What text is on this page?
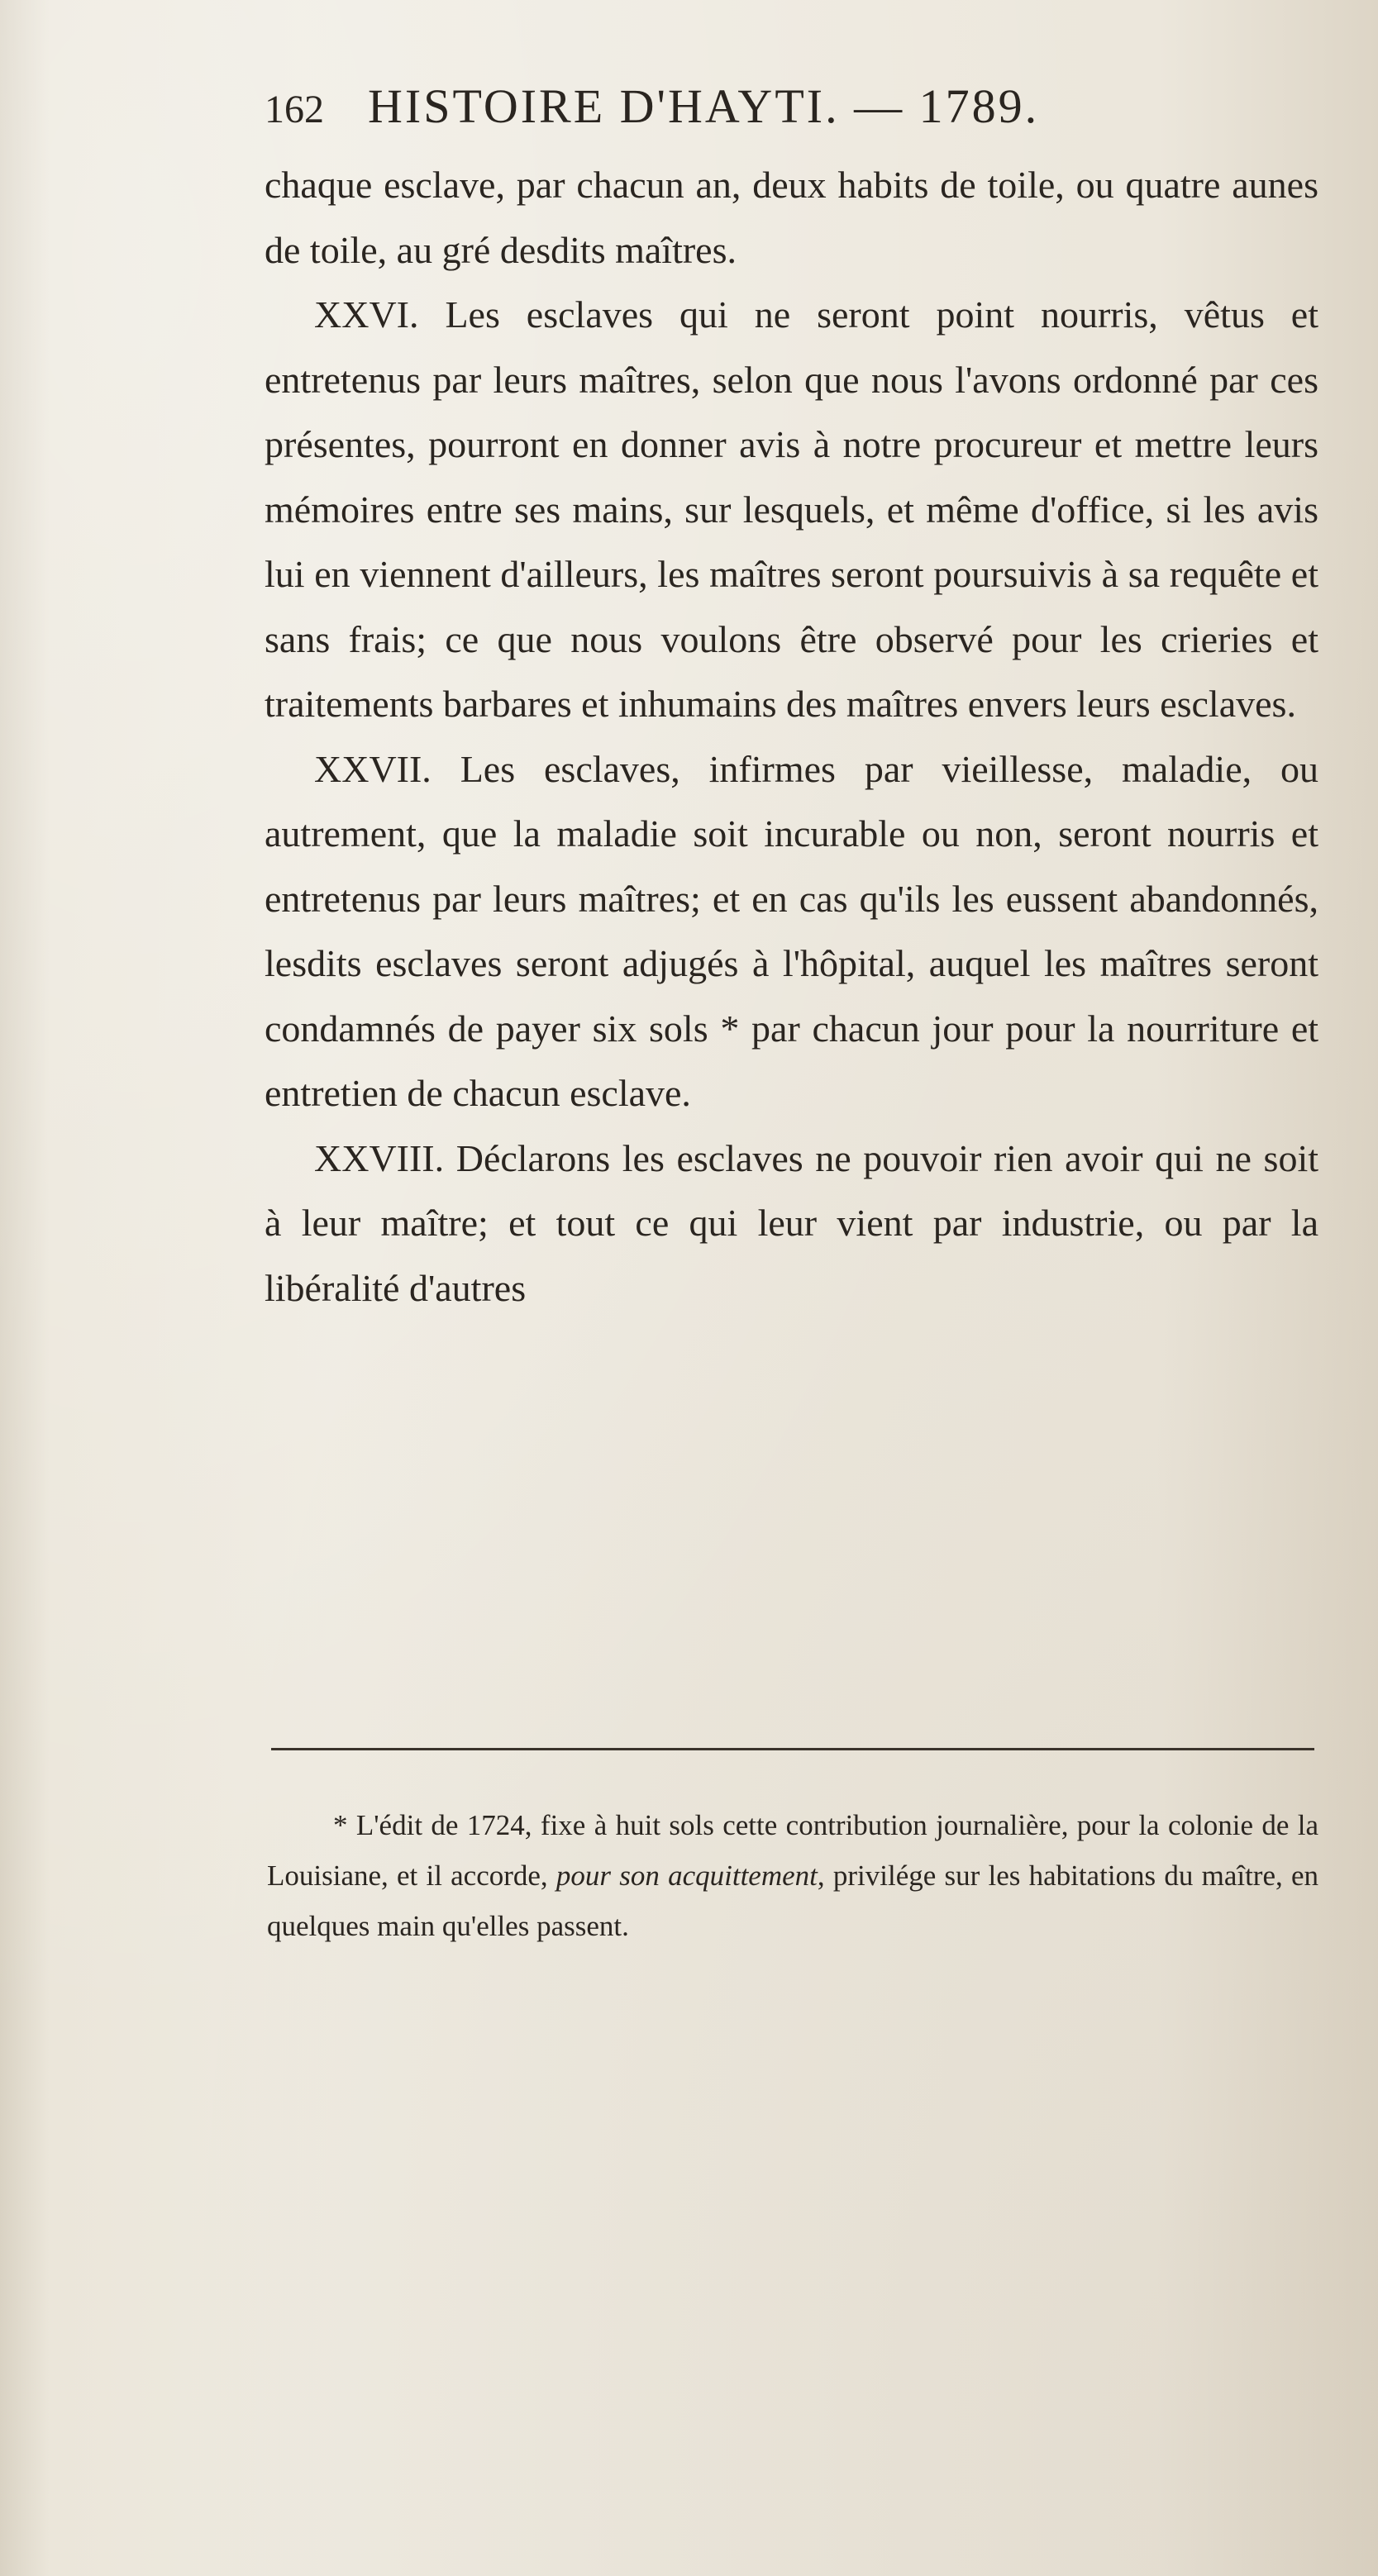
162 HISTOIRE D'HAYTI. — 1789.

chaque esclave, par chacun an, deux habits de toile, ou quatre aunes de toile, au gré desdits maîtres.

XXVI. Les esclaves qui ne seront point nourris, vêtus et entretenus par leurs maîtres, selon que nous l'avons ordonné par ces présentes, pourront en donner avis à notre procureur et mettre leurs mémoires entre ses mains, sur lesquels, et même d'office, si les avis lui en viennent d'ailleurs, les maîtres seront poursuivis à sa requête et sans frais; ce que nous voulons être observé pour les crieries et traitements barbares et inhumains des maîtres envers leurs esclaves.

XXVII. Les esclaves, infirmes par vieillesse, maladie, ou autrement, que la maladie soit incurable ou non, seront nourris et entretenus par leurs maîtres; et en cas qu'ils les eussent abandonnés, lesdits esclaves seront adjugés à l'hôpital, auquel les maîtres seront condamnés de payer six sols * par chacun jour pour la nourriture et entretien de chacun esclave.

XXVIII. Déclarons les esclaves ne pouvoir rien avoir qui ne soit à leur maître; et tout ce qui leur vient par industrie, ou par la libéralité d'autres

* L'édit de 1724, fixe à huit sols cette contribution journalière, pour la colonie de la Louisiane, et il accorde, pour son acquittement, privilége sur les habitations du maître, en quelques main qu'elles passent.
